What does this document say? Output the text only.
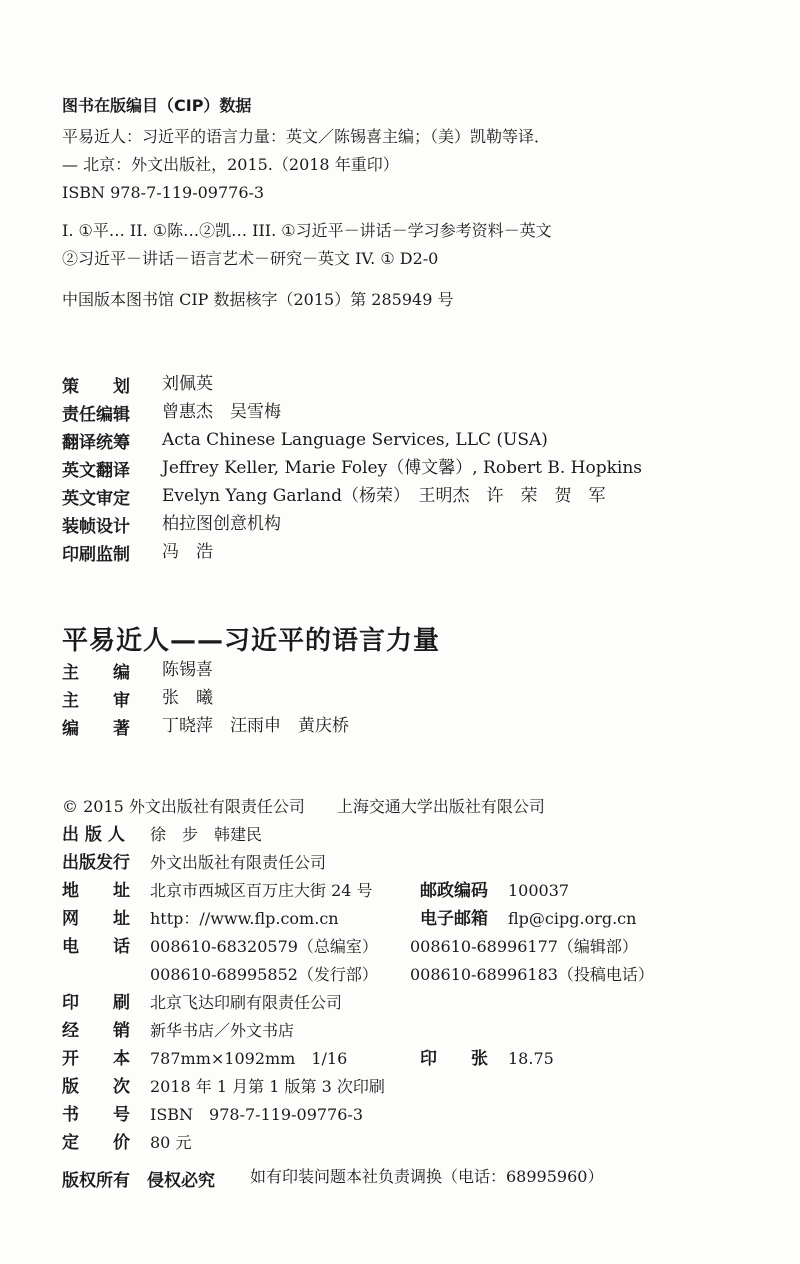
图书在版编目（CIP）数据
平易近人：习近平的语言力量：英文／陈锡喜主编；（美）凯勒等译．
— 北京：外文出版社，2015.（2018 年重印）
ISBN 978-7-119-09776-3
I. ①平… II. ①陈…②凯… III. ①习近平－讲话－学习参考资料－英文
②习近平－讲话－语言艺术－研究－英文 IV. ① D2-0
中国版本图书馆 CIP 数据核字（2015）第 285949 号
策　　划 刘佩英
责任编辑 曾惠杰　吴雪梅
翻译统筹 Acta Chinese Language Services, LLC (USA)
英文翻译 Jeffrey Keller, Marie Foley（傅文馨）, Robert B. Hopkins
英文审定 Evelyn Yang Garland（杨荣）　王明杰　许　荣　贺　军
装帧设计 柏拉图创意机构
印刷监制 冯　浩
平易近人——习近平的语言力量
主　　编 陈锡喜
主　　审 张　曦
编　　著 丁晓萍　汪雨申　黄庆桥
© 2015 外文出版社有限责任公司　　上海交通大学出版社有限公司
出 版 人 徐　步　韩建民
出版发行 外文出版社有限责任公司
地　　址 北京市西城区百万庄大街 24 号	邮政编码 100037
网　　址 http：//www.flp.com.cn	电子邮箱 flp@cipg.org.cn
电　　话 008610-68320579（总编室） 008610-68996177（编辑部）
008610-68995852（发行部） 008610-68996183（投稿电话）
印　　刷 北京飞达印刷有限责任公司
经　　销 新华书店／外文书店
开　　本 787mm×1092mm　1/16	印　　张 18.75
版　　次 2018 年 1 月第 1 版第 3 次印刷
书　　号 ISBN　978-7-119-09776-3
定　　价 80 元
版权所有　侵权必究 如有印装问题本社负责调换（电话：68995960）
